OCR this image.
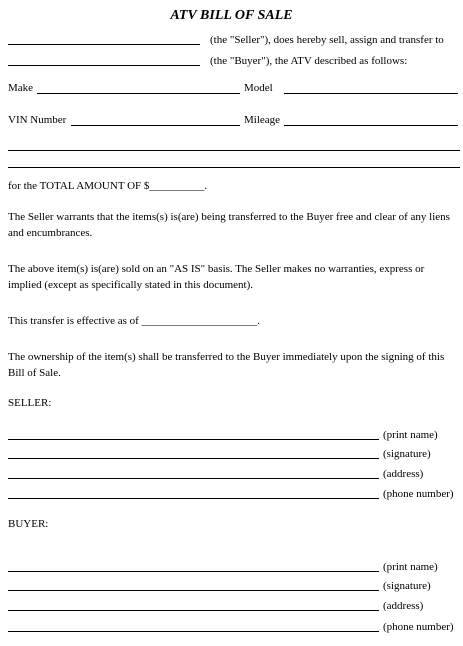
ATV BILL OF SALE
(the "Seller"), does hereby sell, assign and transfer to
(the "Buyer"), the ATV described as follows:
Make	Model
VIN Number	Mileage
for the TOTAL AMOUNT OF $__________.
The Seller warrants that the items(s) is(are) being transferred to the Buyer free and clear of any liens and encumbrances.
The above item(s) is(are) sold on an "AS IS" basis. The Seller makes no warranties, express or implied (except as specifically stated in this document).
This transfer is effective as of _____________________.
The ownership of the item(s) shall be transferred to the Buyer immediately upon the signing of this Bill of Sale.
SELLER:
(print name)
(signature)
(address)
(phone number)
BUYER:
(print name)
(signature)
(address)
(phone number)
